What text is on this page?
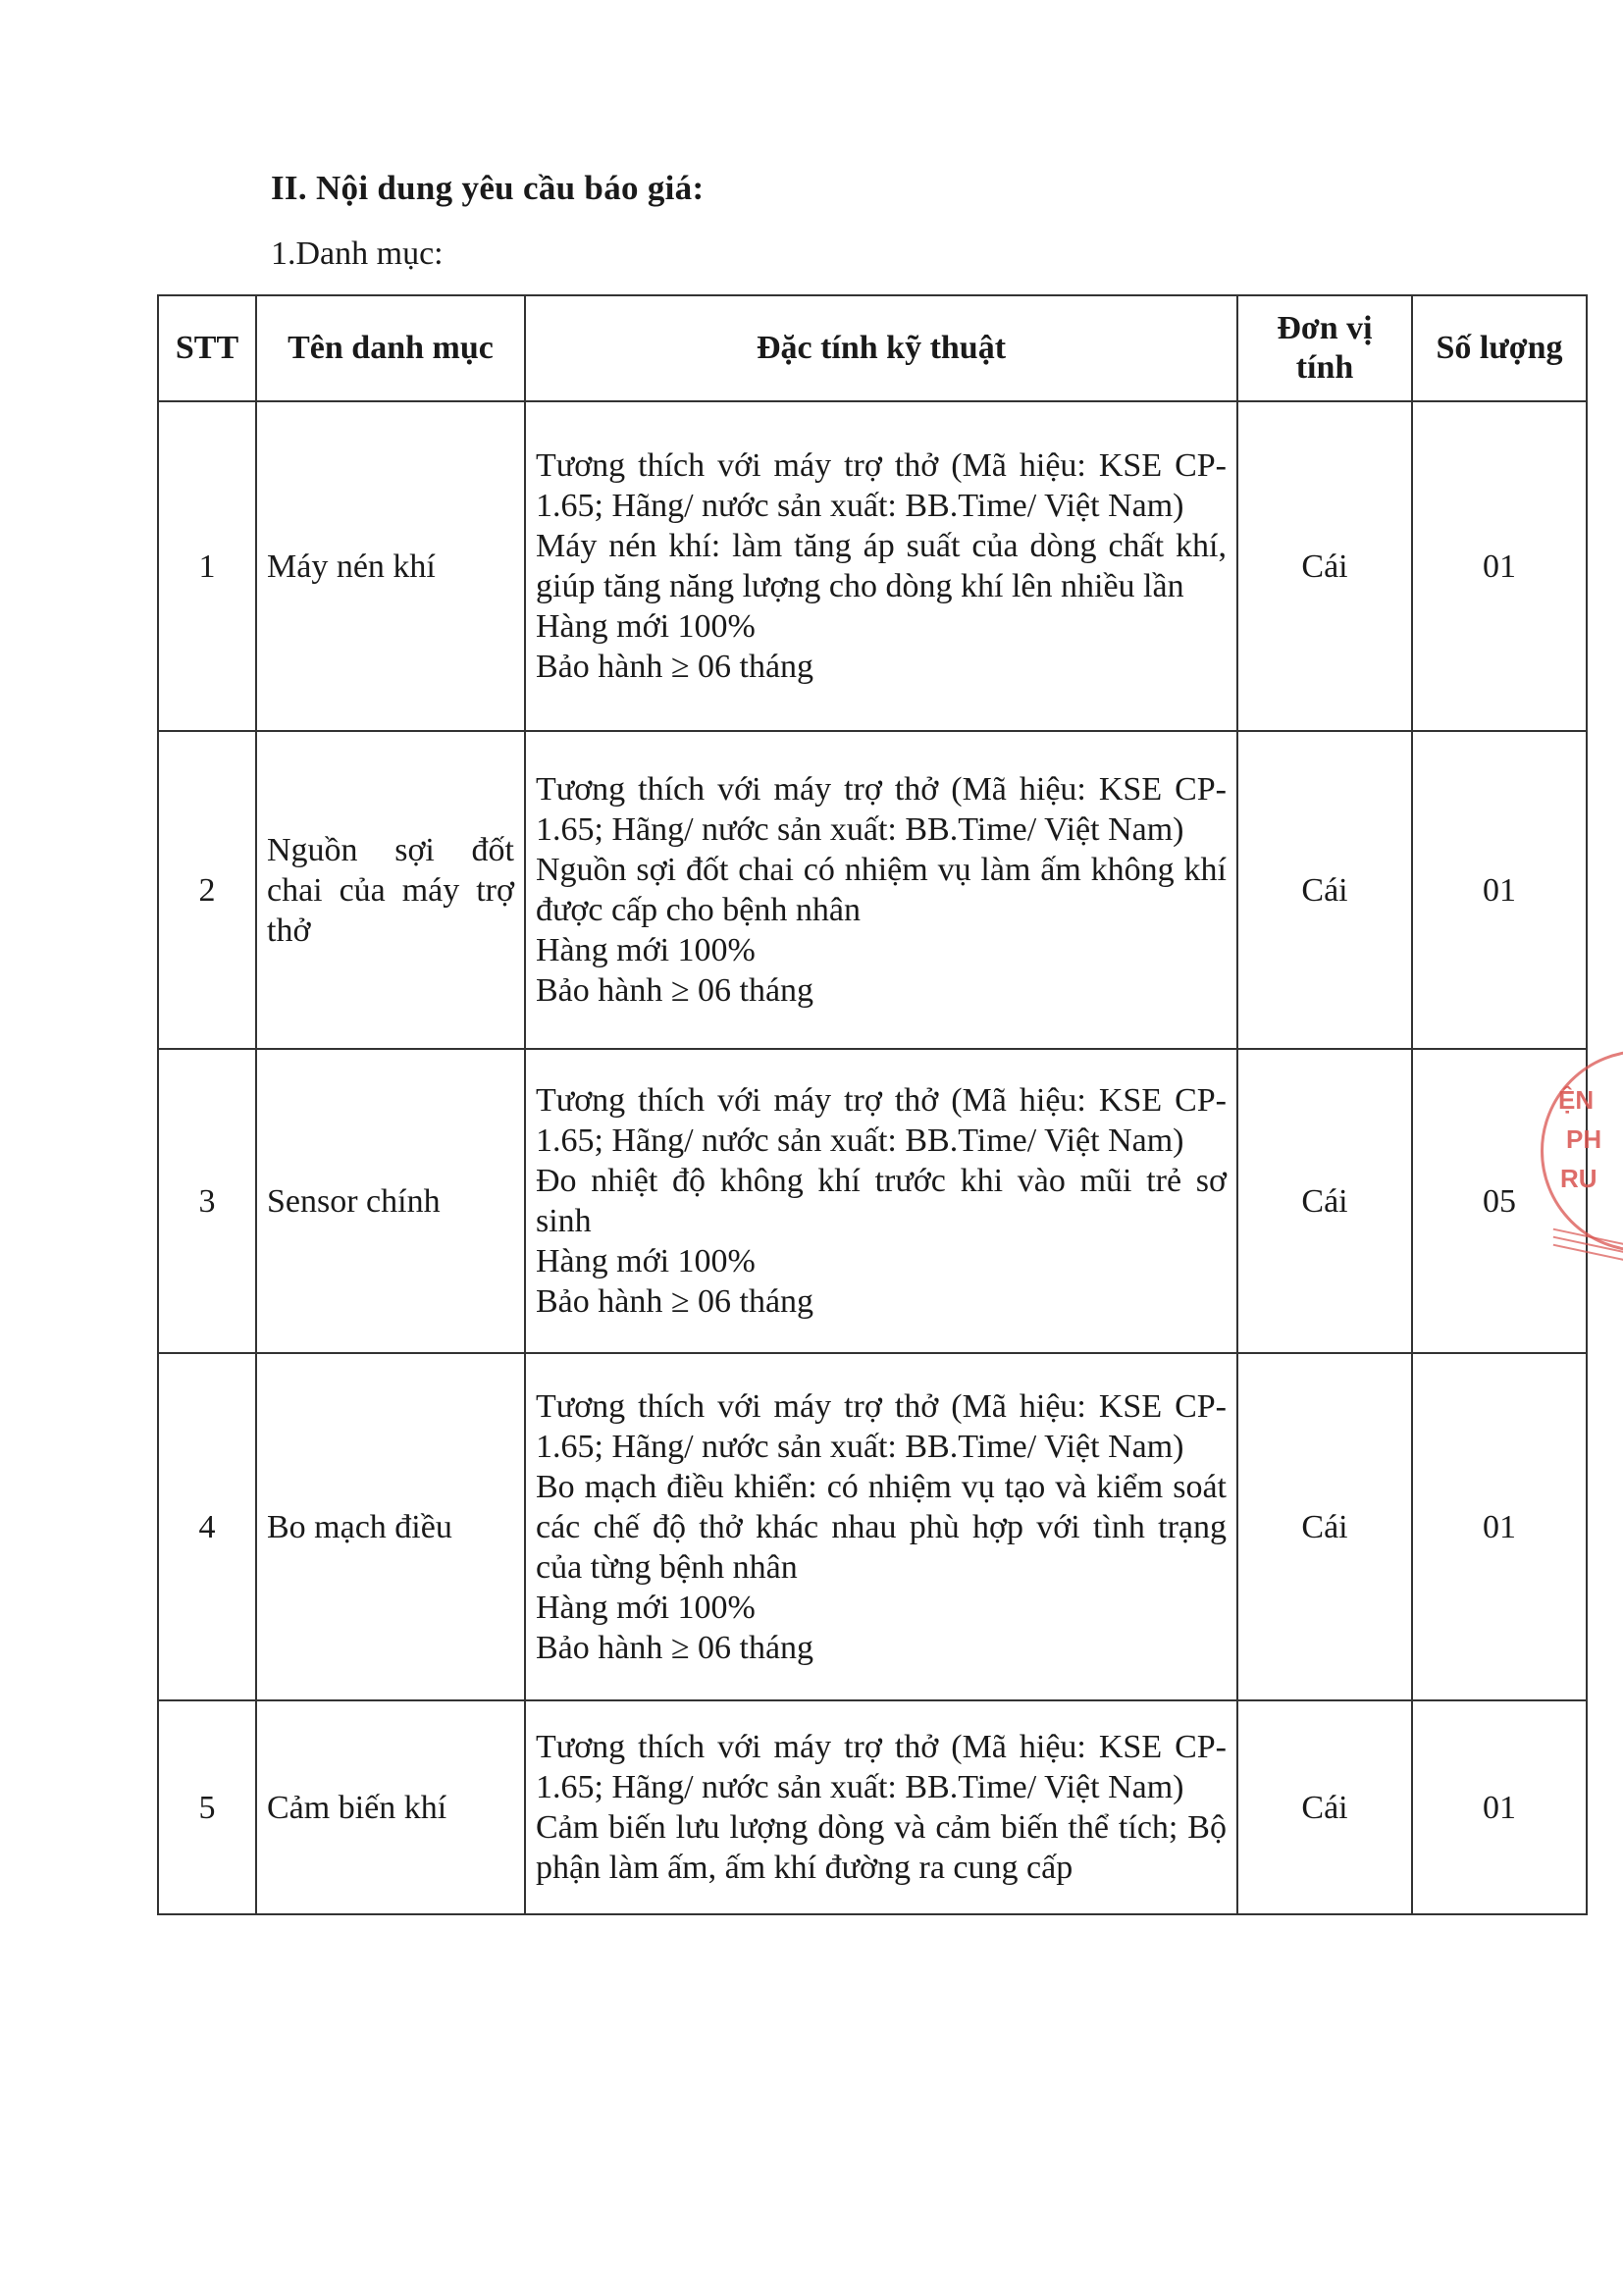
II. Nội dung yêu cầu báo giá:
1.Danh mục:
STT	Tên danh mục	Đặc tính kỹ thuật	Đơn vị tính	Số lượng
1	Máy nén khí	Tương thích với máy trợ thở (Mã hiệu: KSE CP-1.65; Hãng/ nước sản xuất: BB.Time/ Việt Nam)
Máy nén khí: làm tăng áp suất của dòng chất khí, giúp tăng năng lượng cho dòng khí lên nhiều lần
Hàng mới 100%
Bảo hành ≥ 06 tháng	Cái	01
2	Nguồn sợi đốt chai của máy trợ thở	Tương thích với máy trợ thở (Mã hiệu: KSE CP-1.65; Hãng/ nước sản xuất: BB.Time/ Việt Nam)
Nguồn sợi đốt chai có nhiệm vụ làm ấm không khí được cấp cho bệnh nhân
Hàng mới 100%
Bảo hành ≥ 06 tháng	Cái	01
3	Sensor chính	Tương thích với máy trợ thở (Mã hiệu: KSE CP-1.65; Hãng/ nước sản xuất: BB.Time/ Việt Nam)
Đo nhiệt độ không khí trước khi vào mũi trẻ sơ sinh
Hàng mới 100%
Bảo hành ≥ 06 tháng	Cái	05
4	Bo mạch điều	Tương thích với máy trợ thở (Mã hiệu: KSE CP-1.65; Hãng/ nước sản xuất: BB.Time/ Việt Nam)
Bo mạch điều khiển: có nhiệm vụ tạo và kiểm soát các chế độ thở khác nhau phù hợp với tình trạng của từng bệnh nhân
Hàng mới 100%
Bảo hành ≥ 06 tháng	Cái	01
5	Cảm biến khí	Tương thích với máy trợ thở (Mã hiệu: KSE CP-1.65; Hãng/ nước sản xuất: BB.Time/ Việt Nam)
Cảm biến lưu lượng dòng và cảm biến thể tích; Bộ phận làm ấm, ấm khí đường ra cung cấp	Cái	01
ỆN
PH
RU
